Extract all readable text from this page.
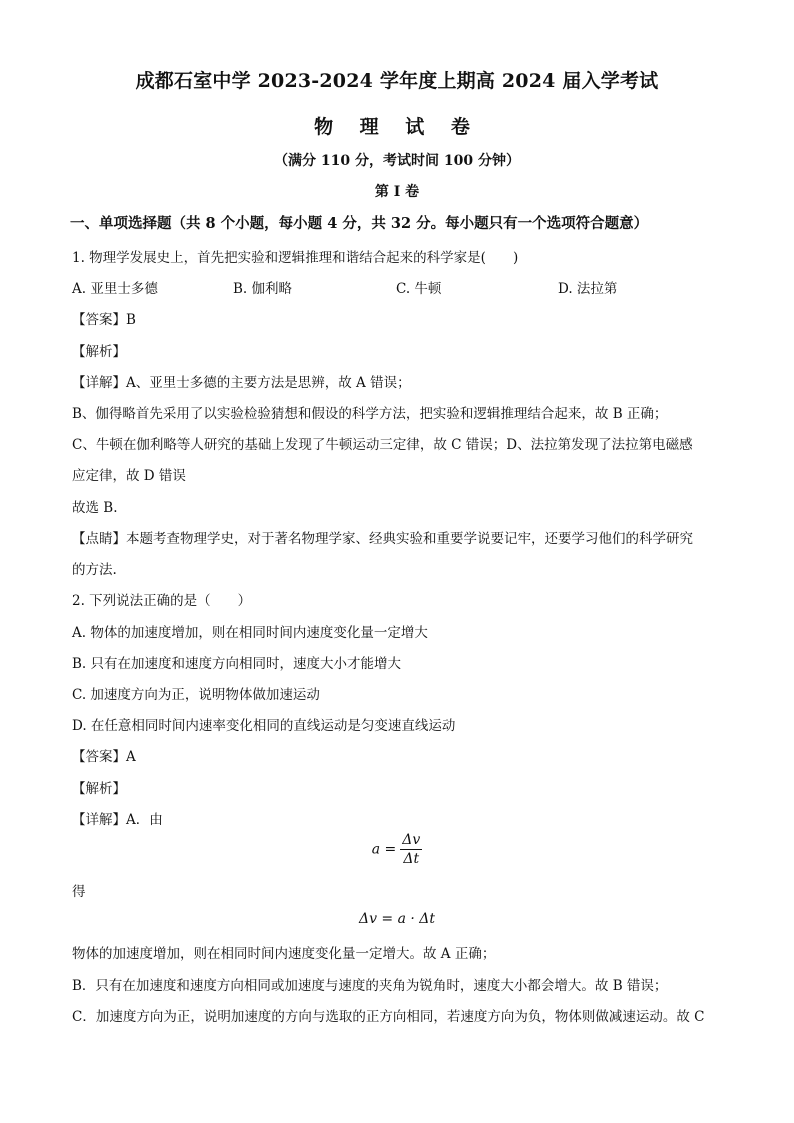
成都石室中学 2023-2024 学年度上期高 2024 届入学考试
物 理 试 卷
（满分 110 分，考试时间 100 分钟）
第 I 卷
一、单项选择题（共 8 个小题，每小题 4 分，共 32 分。每小题只有一个选项符合题意）
1. 物理学发展史上，首先把实验和逻辑推理和谐结合起来的科学家是(　　)
A. 亚里士多德	B. 伽利略	C. 牛顿	D. 法拉第
【答案】B
【解析】
【详解】A、亚里士多德的主要方法是思辨，故 A 错误；
B、伽得略首先采用了以实验检验猜想和假设的科学方法，把实验和逻辑推理结合起来，故 B 正确；
C、牛顿在伽利略等人研究的基础上发现了牛顿运动三定律，故 C 错误；D、法拉第发现了法拉第电磁感
应定律，故 D 错误
故选 B.
【点睛】本题考查物理学史，对于著名物理学家、经典实验和重要学说要记牢，还要学习他们的科学研究
的方法.
2. 下列说法正确的是（　　）
A. 物体的加速度增加，则在相同时间内速度变化量一定增大
B. 只有在加速度和速度方向相同时，速度大小才能增大
C. 加速度方向为正，说明物体做加速运动
D. 在任意相同时间内速率变化相同的直线运动是匀变速直线运动
【答案】A
【解析】
【详解】A．由
$a = \frac{\Delta v}{\Delta t}$
得
Δv = a · Δt
物体的加速度增加，则在相同时间内速度变化量一定增大。故 A 正确；
B．只有在加速度和速度方向相同或加速度与速度的夹角为锐角时，速度大小都会增大。故 B 错误；
C．加速度方向为正，说明加速度的方向与选取的正方向相同，若速度方向为负，物体则做减速运动。故 C
